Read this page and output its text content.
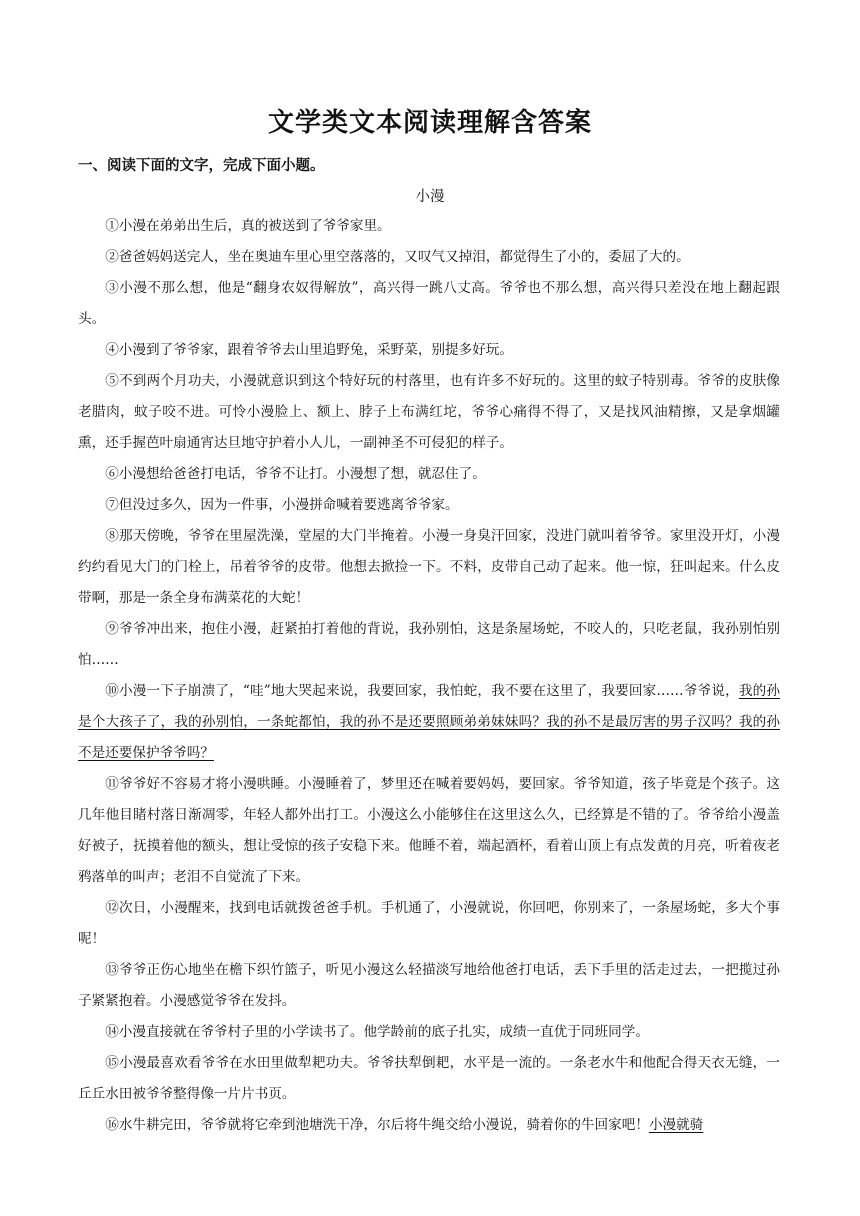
文学类文本阅读理解含答案
一、阅读下面的文字，完成下面小题。
小漫

①小漫在弟弟出生后，真的被送到了爷爷家里。

②爸爸妈妈送完人，坐在奥迪车里心里空落落的，又叹气又掉泪，都觉得生了小的，委屈了大的。

③小漫不那么想，他是“翻身农奴得解放”，高兴得一跳八丈高。爷爷也不那么想，高兴得只差没在地上翻起跟头。

④小漫到了爷爷家，跟着爷爷去山里追野兔，采野菜，别提多好玩。

⑤不到两个月功夫，小漫就意识到这个特好玩的村落里，也有许多不好玩的。这里的蚊子特别毒。爷爷的皮肤像老腊肉，蚊子咬不进。可怜小漫脸上、额上、脖子上布满红坨，爷爷心痛得不得了，又是找风油精擦，又是拿烟罐熏，还手握芭叶扇通宵达旦地守护着小人儿，一副神圣不可侵犯的样子。

⑥小漫想给爸爸打电话，爷爷不让打。小漫想了想，就忍住了。

⑦但没过多久，因为一件事，小漫拼命喊着要逃离爷爷家。

⑧那天傍晚，爷爷在里屋洗澡，堂屋的大门半掩着。小漫一身臭汗回家，没进门就叫着爷爷。家里没开灯，小漫约约看见大门的门栓上，吊着爷爷的皮带。他想去掀捡一下。不料，皮带自己动了起来。他一惊，狂叫起来。什么皮带啊，那是一条全身布满菜花的大蛇！

⑨爷爷冲出来，抱住小漫，赶紧拍打着他的背说，我孙别怕，这是条屋场蛇，不咬人的，只吃老鼠，我孙别怕别怕……

⑩小漫一下子崩溃了，“哇”地大哭起来说，我要回家，我怕蛇，我不要在这里了，我要回家……爷爷说，我的孙是个大孩子了，我的孙别怕，一条蛇都怕，我的孙不是还要照顾弟弟妹妹吗？我的孙不是最厉害的男子汉吗？我的孙不是还要保护爷爷吗？

⑪爷爷好不容易才将小漫哄睡。小漫睡着了，梦里还在喊着要妈妈，要回家。爷爷知道，孩子毕竟是个孩子。这几年他目睹村落日渐凋零，年轻人都外出打工。小漫这么小能够住在这里这么久，已经算是不错的了。爷爷给小漫盖好被子，抚摸着他的额头，想让受惊的孩子安稳下来。他睡不着，端起酒杯，看着山顶上有点发黄的月亮，听着夜老鸦落单的叫声；老泪不自觉流了下来。

⑫次日，小漫醒来，找到电话就拨爸爸手机。手机通了，小漫就说，你回吧，你别来了，一条屋场蛇，多大个事呢！

⑬爷爷正伤心地坐在檐下织竹篮子，听见小漫这么轻描淡写地给他爸打电话，丢下手里的活走过去，一把揽过孙子紧紧抱着。小漫感觉爷爷在发抖。

⑭小漫直接就在爷爷村子里的小学读书了。他学龄前的底子扎实，成绩一直优于同班同学。

⑮小漫最喜欢看爷爷在水田里做犁耙功夫。爷爷扶犁倒耙，水平是一流的。一条老水牛和他配合得天衣无缝，一丘丘水田被爷爷整得像一片片书页。

⑯水牛耕完田，爷爷就将它牵到池塘洗干净，尔后将牛绳交给小漫说，骑着你的牛回家吧！小漫就骑
